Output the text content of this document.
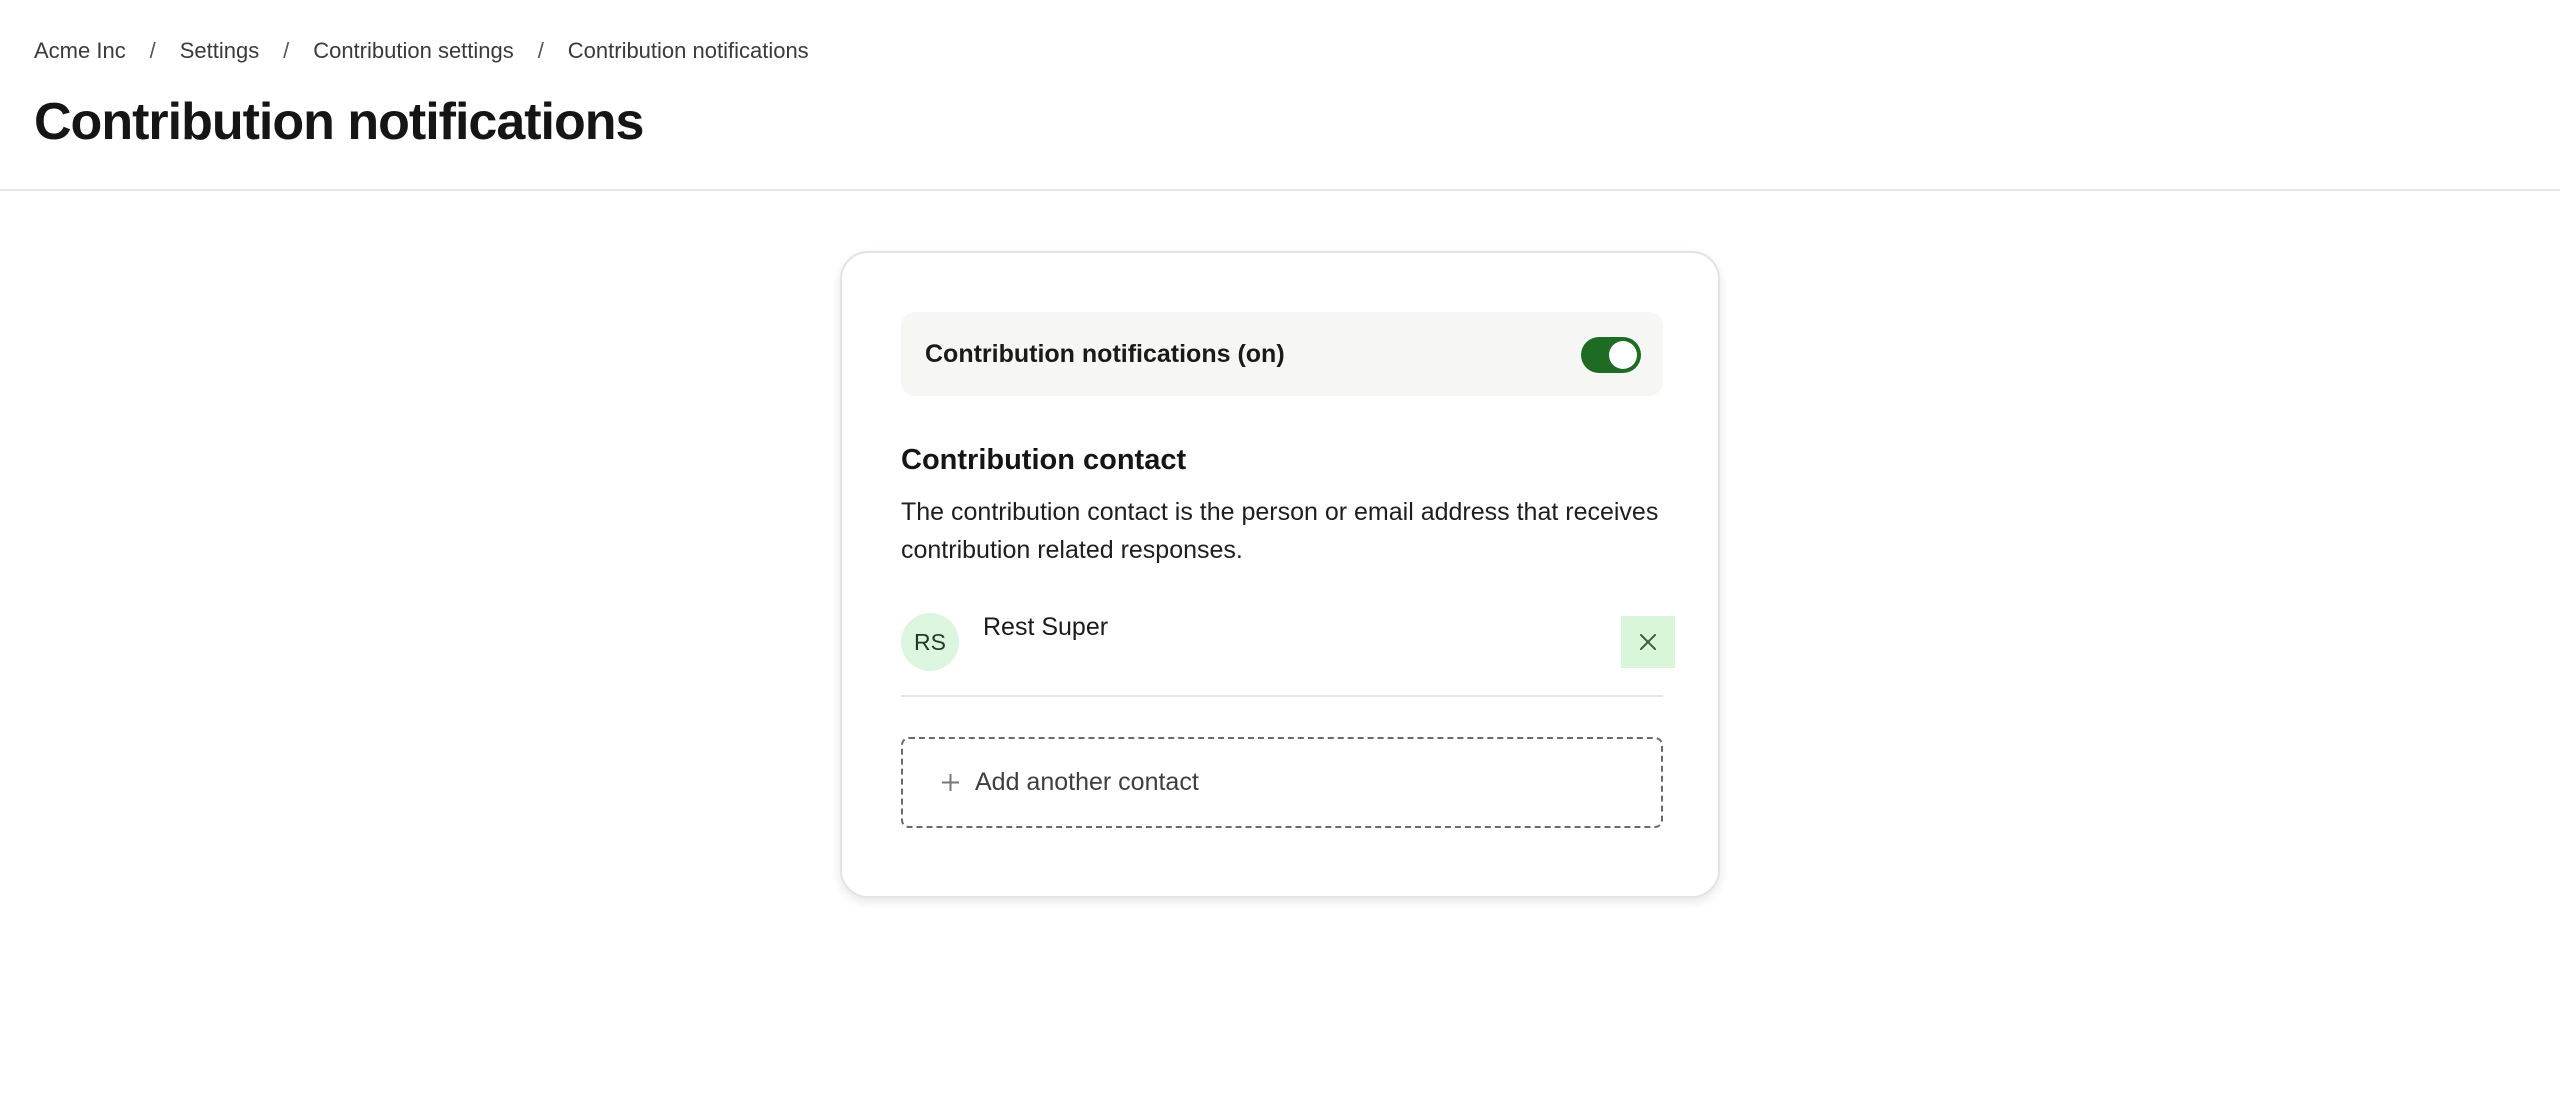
Acme Inc	/	Settings	/	Contribution settings	/	Contribution notifications
Contribution notifications
Contribution notifications (on)
Contribution contact

The contribution contact is the person or email address that receives contribution related responses.

RS
Rest Super
Add another contact
